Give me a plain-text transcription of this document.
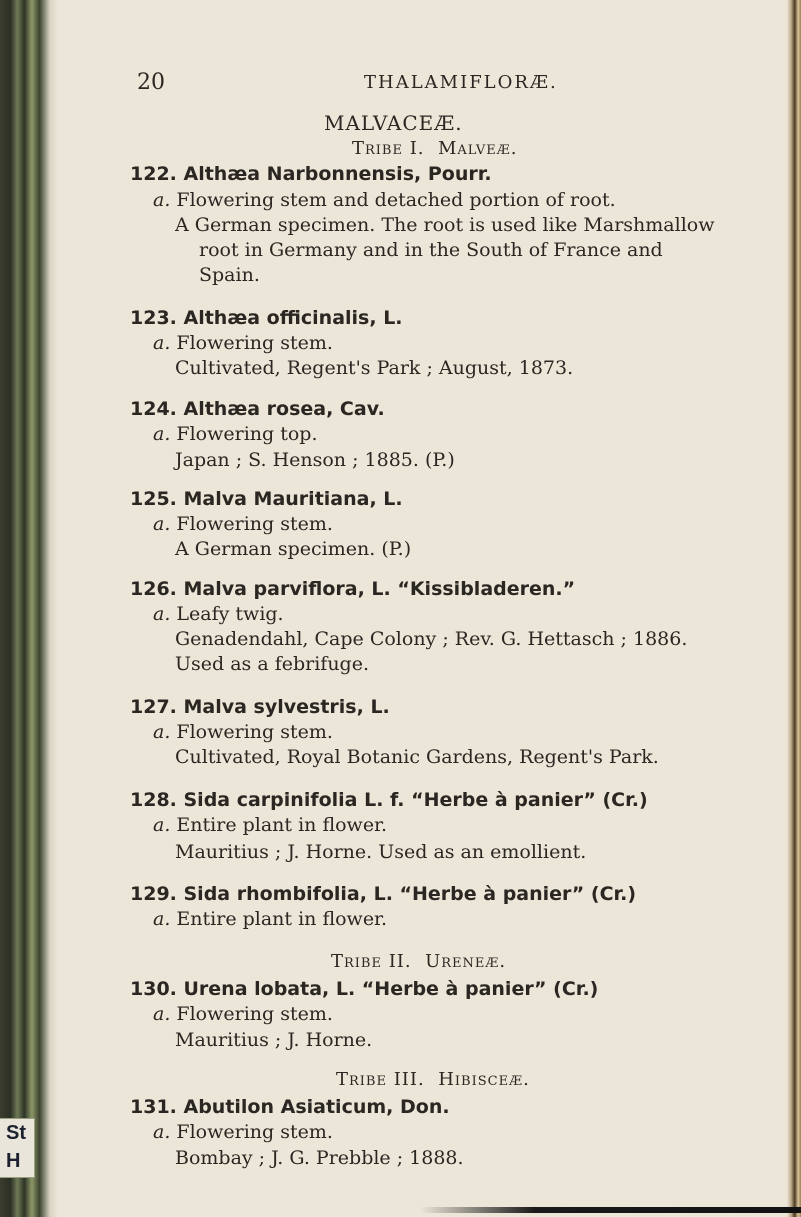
St
H
20	THALAMIFLORÆ.
MALVACEÆ.
Tribe I. Malveæ.
122. Althæa Narbonnensis, Pourr.
a. Flowering stem and detached portion of root.
A German specimen. The root is used like Marshmallow
root in Germany and in the South of France and
Spain.
123. Althæa officinalis, L.
a. Flowering stem.
Cultivated, Regent's Park ; August, 1873.
124. Althæa rosea, Cav.
a. Flowering top.
Japan ; S. Henson ; 1885. (P.)
125. Malva Mauritiana, L.
a. Flowering stem.
A German specimen. (P.)
126. Malva parviflora, L. “Kissibladeren.”
a. Leafy twig.
Genadendahl, Cape Colony ; Rev. G. Hettasch ; 1886.
Used as a febrifuge.
127. Malva sylvestris, L.
a. Flowering stem.
Cultivated, Royal Botanic Gardens, Regent's Park.
128. Sida carpinifolia L. f. “Herbe à panier” (Cr.)
a. Entire plant in flower.
Mauritius ; J. Horne. Used as an emollient.
129. Sida rhombifolia, L. “Herbe à panier” (Cr.)
a. Entire plant in flower.
Tribe II. Ureneæ.
130. Urena lobata, L. “Herbe à panier” (Cr.)
a. Flowering stem.
Mauritius ; J. Horne.
Tribe III. Hibisceæ.
131. Abutilon Asiaticum, Don.
a. Flowering stem.
Bombay ; J. G. Prebble ; 1888.
